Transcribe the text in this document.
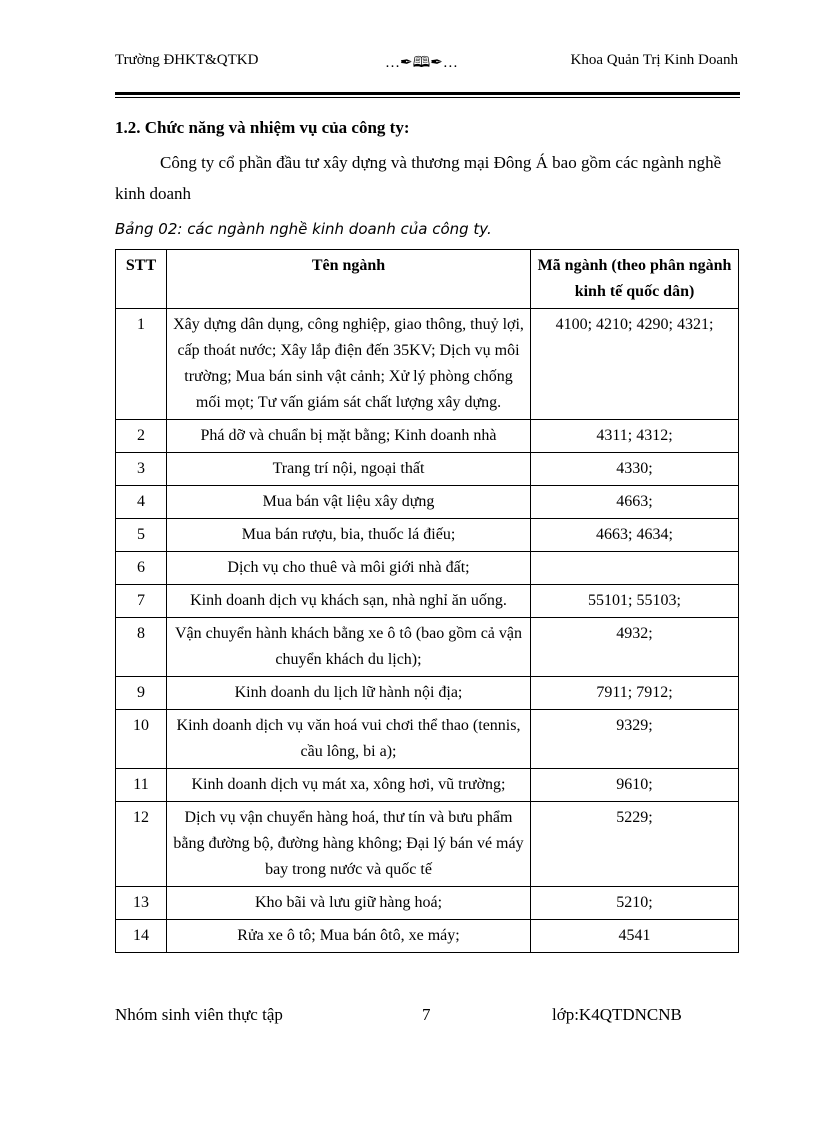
Trường ĐHKT&QTKD	…✒🕮✒…	Khoa Quản Trị Kinh Doanh
1.2. Chức năng và nhiệm vụ của công ty:
Công ty cổ phần đầu tư xây dựng và thương mại Đông Á bao gồm các ngành nghề kinh doanh
Bảng 02: các ngành nghề kinh doanh của công ty.
STT	Tên ngành	Mã ngành (theo phân ngành kinh tế quốc dân)
1	Xây dựng dân dụng, công nghiệp, giao thông, thuỷ lợi, cấp thoát nước; Xây lắp điện đến 35KV; Dịch vụ môi trường; Mua bán sinh vật cảnh; Xử lý phòng chống mối mọt; Tư vấn giám sát chất lượng xây dựng.	4100; 4210; 4290; 4321;
2	Phá dỡ và chuẩn bị mặt bằng; Kinh doanh nhà	4311; 4312;
3	Trang trí nội, ngoại thất	4330;
4	Mua bán vật liệu xây dựng	4663;
5	Mua bán rượu, bia, thuốc lá điếu;	4663; 4634;
6	Dịch vụ cho thuê và môi giới nhà đất;	
7	Kinh doanh dịch vụ khách sạn, nhà nghỉ ăn uống.	55101; 55103;
8	Vận chuyển hành khách bằng xe ô tô (bao gồm cả vận chuyển khách du lịch);	4932;
9	Kinh doanh du lịch lữ hành nội địa;	7911; 7912;
10	Kinh doanh dịch vụ văn hoá vui chơi thể thao (tennis, cầu lông, bi a);	9329;
11	Kinh doanh dịch vụ mát xa, xông hơi, vũ trường;	9610;
12	Dịch vụ vận chuyển hàng hoá, thư tín và bưu phẩm bằng đường bộ, đường hàng không; Đại lý bán vé máy bay trong nước và quốc tế	5229;
13	Kho bãi và lưu giữ hàng hoá;	5210;
14	Rửa xe ô tô; Mua bán ôtô, xe máy;	4541
Nhóm sinh viên thực tập	7	lớp:K4QTDNCNB
